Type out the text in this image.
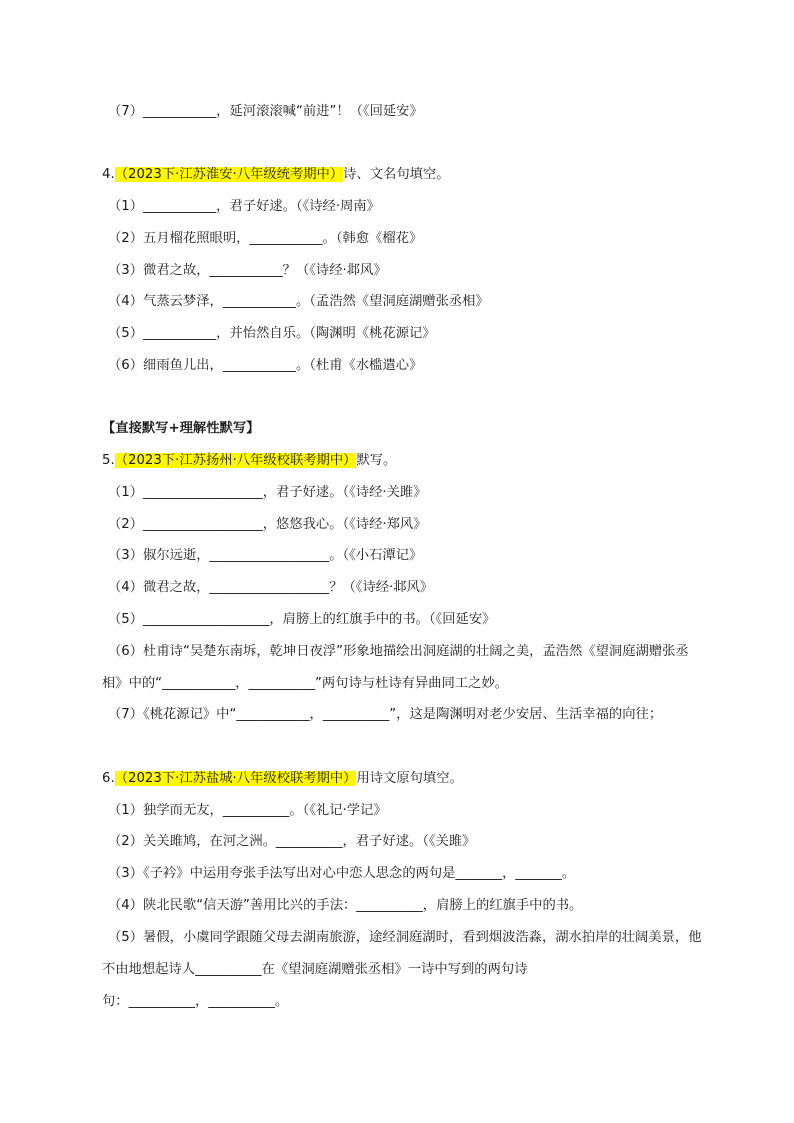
（7）___________，延河滚滚喊“前进”！（《回延安》
4.（2023下·江苏淮安·八年级统考期中）诗、文名句填空。
（1）___________，君子好逑。（《诗经·周南》
（2）五月榴花照眼明，___________。（韩愈《榴花》
（3）微君之故，___________？（《诗经·邶风》
（4）气蒸云梦泽，___________。（孟浩然《望洞庭湖赠张丞相》
（5）___________，并怡然自乐。（陶渊明《桃花源记》
（6）细雨鱼儿出，___________。（杜甫《水槛遣心》
【直接默写+理解性默写】
5.（2023下·江苏扬州·八年级校联考期中）默写。
（1）__________________，君子好逑。（《诗经·关雎》
（2）__________________，悠悠我心。（《诗经·郑风》
（3）俶尔远逝，__________________。（《小石潭记》
（4）微君之故，__________________？（《诗经·邶风》
（5）___________________，肩膀上的红旗手中的书。（《回延安》
（6）杜甫诗“吴楚东南坼，乾坤日夜浮”形象地描绘出洞庭湖的壮阔之美，孟浩然《望洞庭湖赠张丞
相》中的“___________，__________”两句诗与杜诗有异曲同工之妙。
（7）《桃花源记》中“___________，__________”，这是陶渊明对老少安居、生活幸福的向往；
6.（2023下·江苏盐城·八年级校联考期中）用诗文原句填空。
（1）独学而无友，__________。（《礼记·学记》
（2）关关雎鸠，在河之洲。__________，君子好逑。（《关雎》
（3）《子衿》中运用夸张手法写出对心中恋人思念的两句是_______，_______。
（4）陕北民歌“信天游”善用比兴的手法：__________，肩膀上的红旗手中的书。
（5）暑假，小虞同学跟随父母去湖南旅游，途经洞庭湖时，看到烟波浩淼，湖水拍岸的壮阔美景，他
不由地想起诗人__________在《望洞庭湖赠张丞相》一诗中写到的两句诗
句：__________，__________。
